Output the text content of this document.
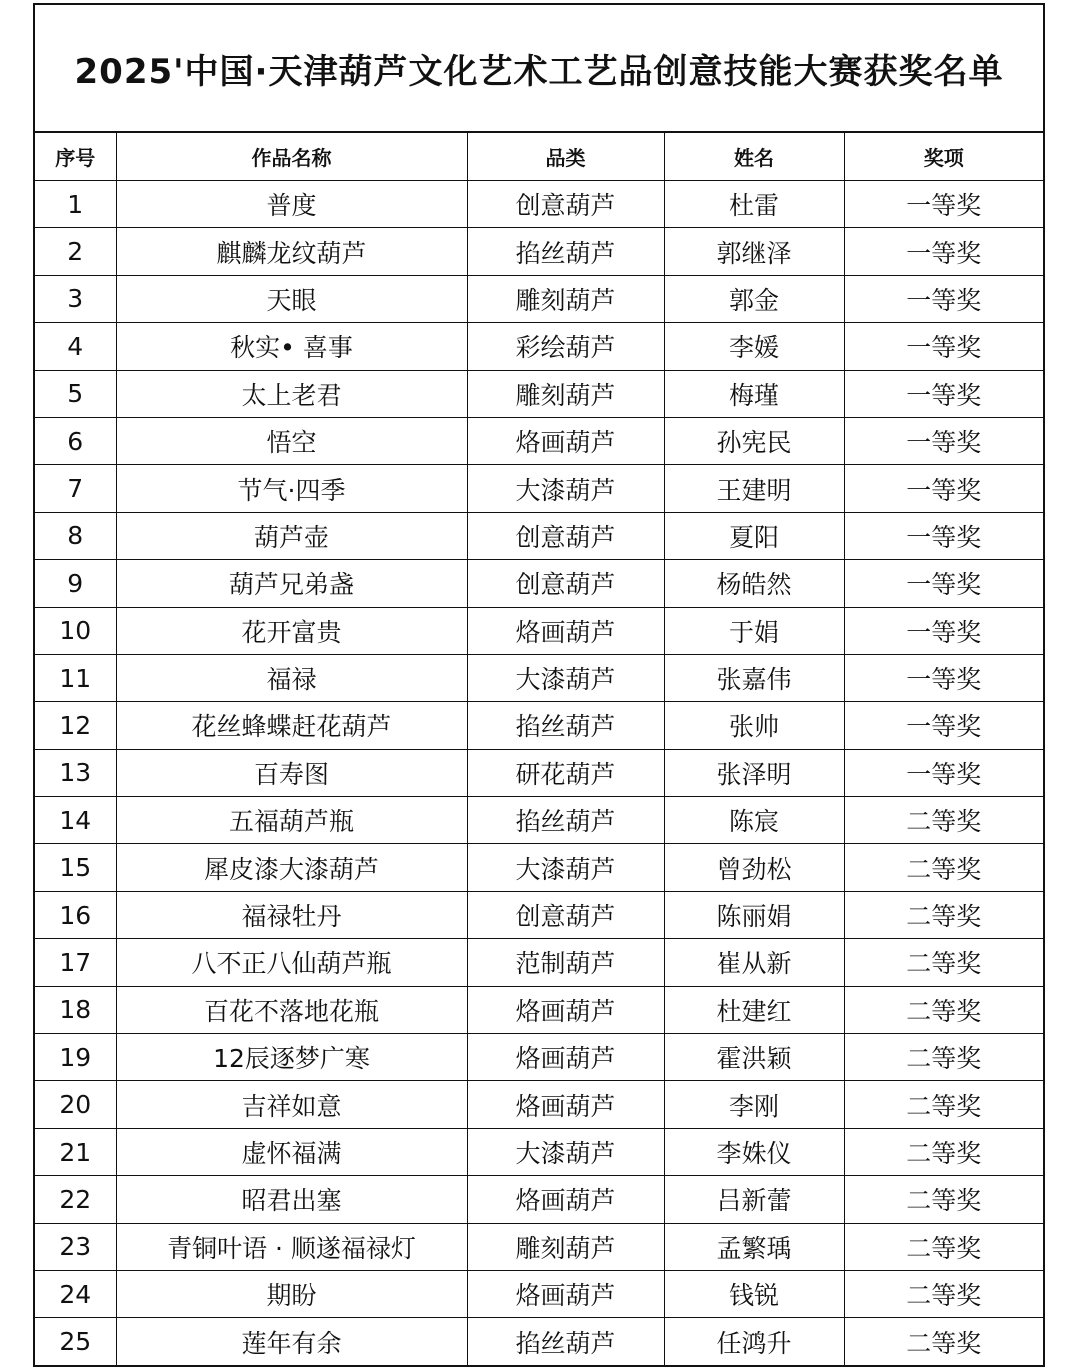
2025'中国·天津葫芦文化艺术工艺品创意技能大赛获奖名单
序号	作品名称	品类	姓名	奖项
1	普度	创意葫芦	杜雷	一等奖
2	麒麟龙纹葫芦	掐丝葫芦	郭继泽	一等奖
3	天眼	雕刻葫芦	郭金	一等奖
4	秋实• 喜事	彩绘葫芦	李媛	一等奖
5	太上老君	雕刻葫芦	梅瑾	一等奖
6	悟空	烙画葫芦	孙宪民	一等奖
7	节气·四季	大漆葫芦	王建明	一等奖
8	葫芦壶	创意葫芦	夏阳	一等奖
9	葫芦兄弟盏	创意葫芦	杨皓然	一等奖
10	花开富贵	烙画葫芦	于娟	一等奖
11	福禄	大漆葫芦	张嘉伟	一等奖
12	花丝蜂蝶赶花葫芦	掐丝葫芦	张帅	一等奖
13	百寿图	研花葫芦	张泽明	一等奖
14	五福葫芦瓶	掐丝葫芦	陈宸	二等奖
15	犀皮漆大漆葫芦	大漆葫芦	曾劲松	二等奖
16	福禄牡丹	创意葫芦	陈丽娟	二等奖
17	八不正八仙葫芦瓶	范制葫芦	崔从新	二等奖
18	百花不落地花瓶	烙画葫芦	杜建红	二等奖
19	12辰逐梦广寒	烙画葫芦	霍洪颖	二等奖
20	吉祥如意	烙画葫芦	李刚	二等奖
21	虚怀福满	大漆葫芦	李姝仪	二等奖
22	昭君出塞	烙画葫芦	吕新蕾	二等奖
23	青铜叶语 · 顺遂福禄灯	雕刻葫芦	孟繁瑀	二等奖
24	期盼	烙画葫芦	钱锐	二等奖
25	莲年有余	掐丝葫芦	任鸿升	二等奖
